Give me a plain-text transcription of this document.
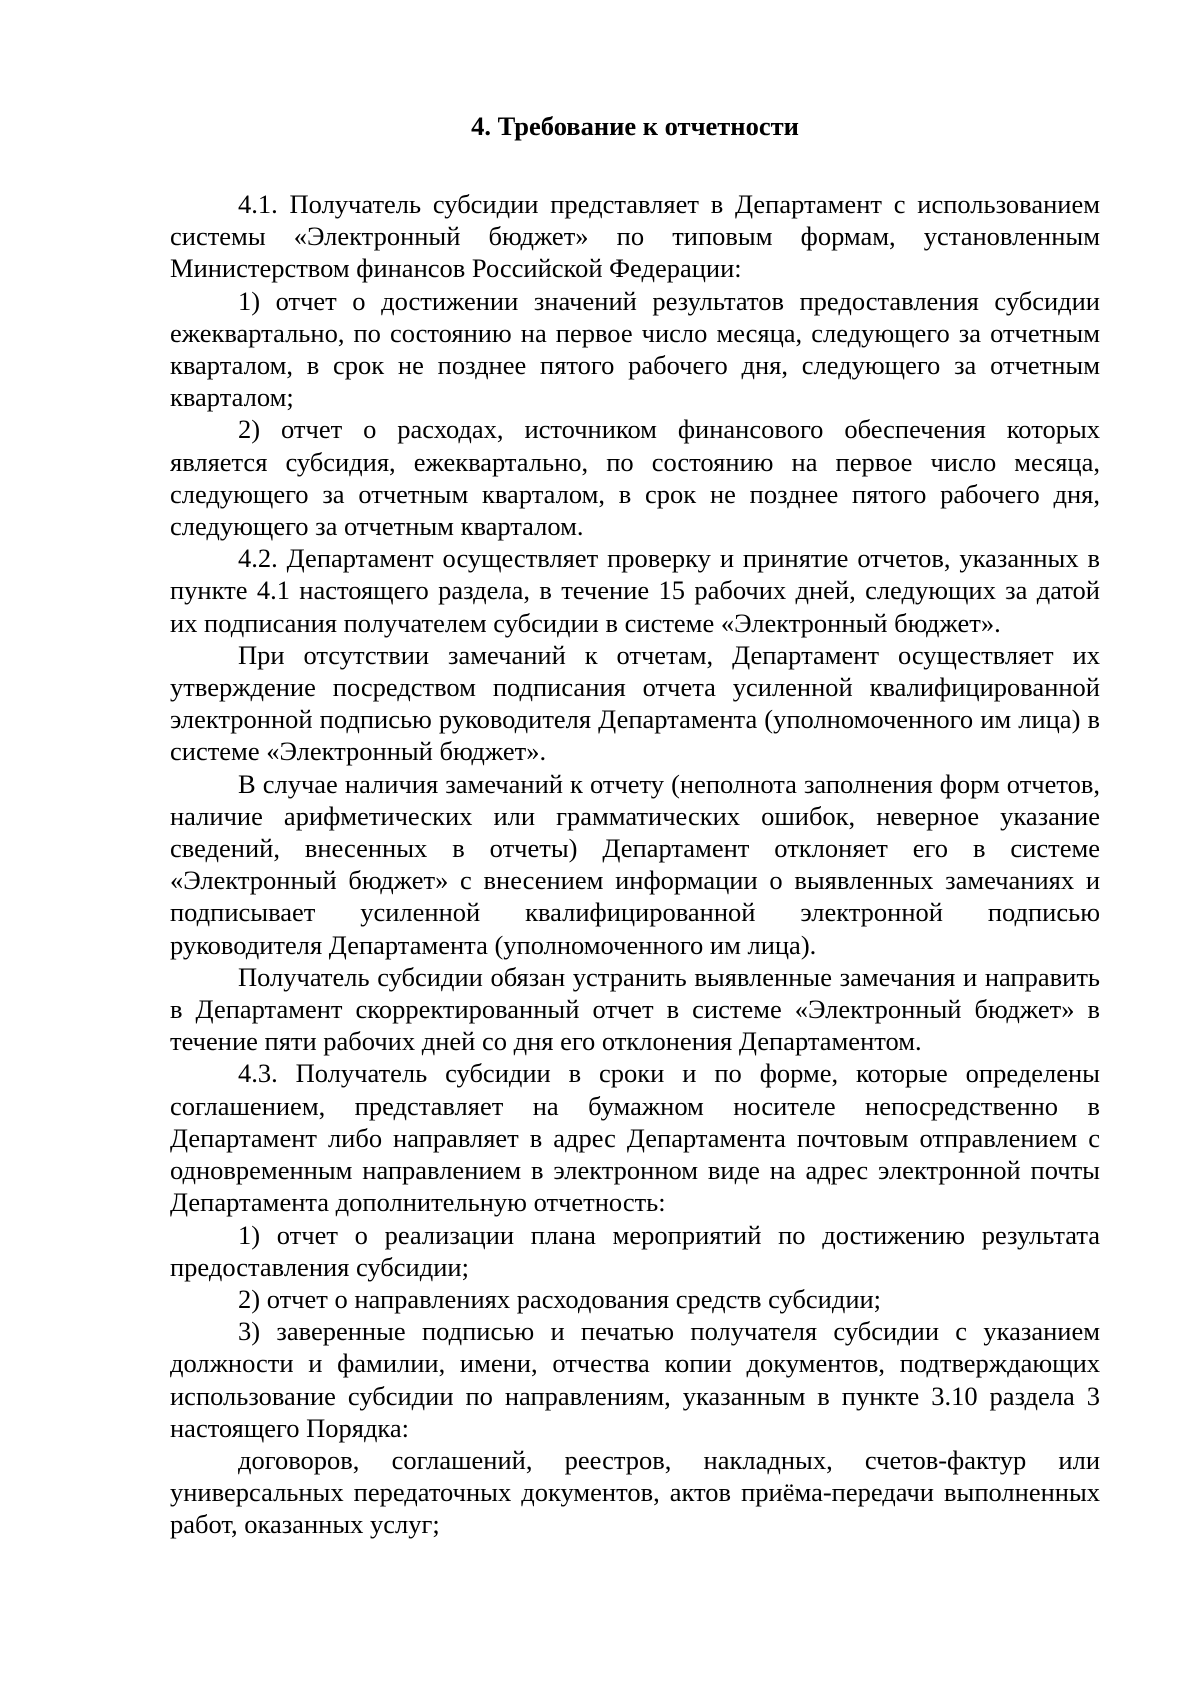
4. Требование к отчетности

4.1. Получатель субсидии представляет в Департамент с использованием системы «Электронный бюджет» по типовым формам, установленным Министерством финансов Российской Федерации:

1) отчет о достижении значений результатов предоставления субсидии ежеквартально, по состоянию на первое число месяца, следующего за отчетным кварталом, в срок не позднее пятого рабочего дня, следующего за отчетным кварталом;

2) отчет о расходах, источником финансового обеспечения которых является субсидия, ежеквартально, по состоянию на первое число месяца, следующего за отчетным кварталом, в срок не позднее пятого рабочего дня, следующего за отчетным кварталом.

4.2. Департамент осуществляет проверку и принятие отчетов, указанных в пункте 4.1 настоящего раздела, в течение 15 рабочих дней, следующих за датой их подписания получателем субсидии в системе «Электронный бюджет».

При отсутствии замечаний к отчетам, Департамент осуществляет их утверждение посредством подписания отчета усиленной квалифицированной электронной подписью руководителя Департамента (уполномоченного им лица) в системе «Электронный бюджет».

В случае наличия замечаний к отчету (неполнота заполнения форм отчетов, наличие арифметических или грамматических ошибок, неверное указание сведений, внесенных в отчеты) Департамент отклоняет его в системе «Электронный бюджет» с внесением информации о выявленных замечаниях и подписывает усиленной квалифицированной электронной подписью руководителя Департамента (уполномоченного им лица).

Получатель субсидии обязан устранить выявленные замечания и направить в Департамент скорректированный отчет в системе «Электронный бюджет» в течение пяти рабочих дней со дня его отклонения Департаментом.

4.3. Получатель субсидии в сроки и по форме, которые определены соглашением, представляет на бумажном носителе непосредственно в Департамент либо направляет в адрес Департамента почтовым отправлением с одновременным направлением в электронном виде на адрес электронной почты Департамента дополнительную отчетность:

1) отчет о реализации плана мероприятий по достижению результата предоставления субсидии;

2) отчет о направлениях расходования средств субсидии;

3) заверенные подписью и печатью получателя субсидии с указанием должности и фамилии, имени, отчества копии документов, подтверждающих использование субсидии по направлениям, указанным в пункте 3.10 раздела 3 настоящего Порядка:

договоров, соглашений, реестров, накладных, счетов-фактур или универсальных передаточных документов, актов приёма-передачи выполненных работ, оказанных услуг;
